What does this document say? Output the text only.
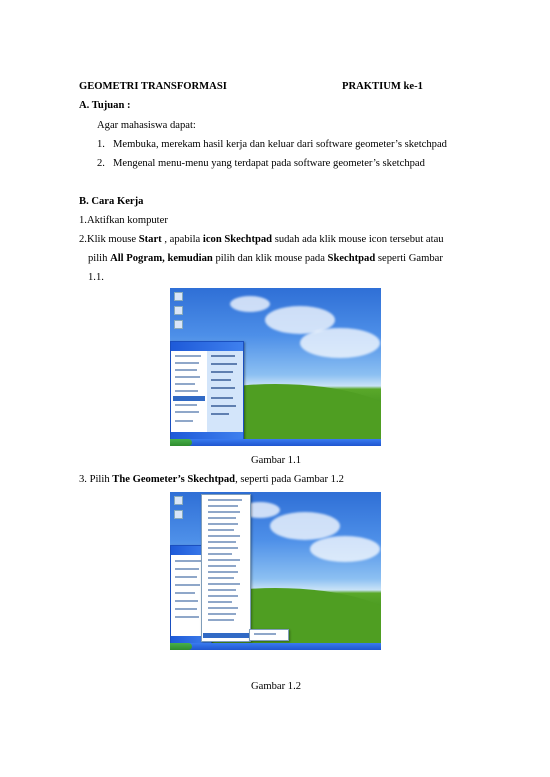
GEOMETRI TRANSFORMASI	PRAKTIUM ke-1
A. Tujuan :
Agar mahasiswa dapat:
1. Membuka, merekam hasil kerja dan keluar dari software geometer’s sketchpad
2. Mengenal menu-menu yang terdapat pada software geometer’s sketchpad
B. Cara Kerja
1.Aktifkan komputer
2.Klik mouse Start , apabila icon Skechtpad sudah ada klik mouse icon tersebut atau
pilih All Pogram, kemudian pilih dan klik mouse pada Skechtpad seperti Gambar
1.1.
Gambar 1.1
3. Pilih The Geometer’s Skechtpad, seperti pada Gambar 1.2
Gambar 1.2
